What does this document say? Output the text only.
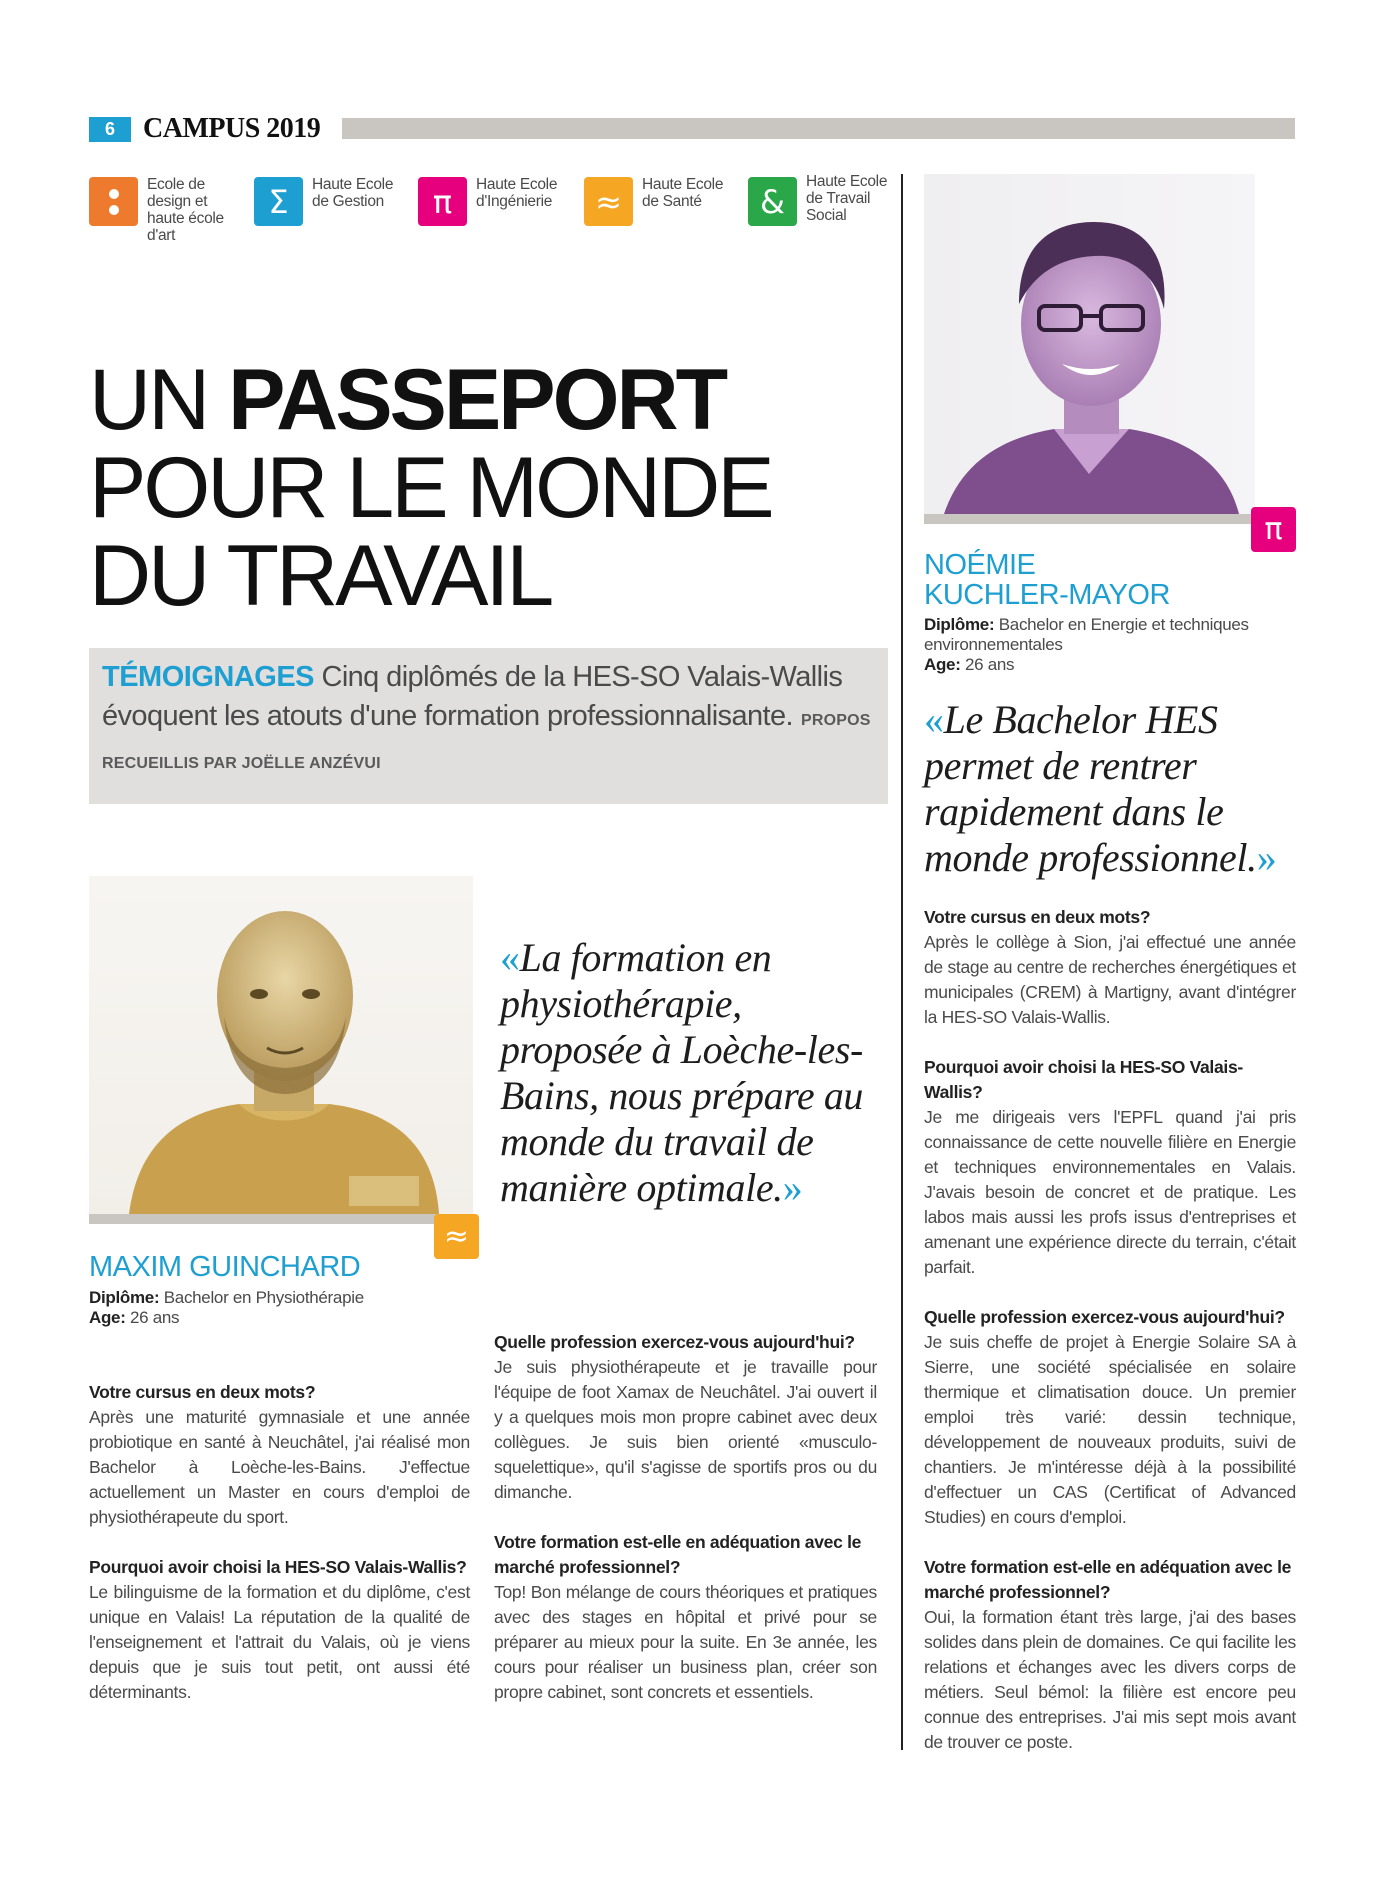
6	CAMPUS 2019
Ecole de design et haute école d'art
Σ	Haute Ecole de Gestion	π	Haute Ecole d'Ingénierie	≈	Haute Ecole de Santé	&
Haute Ecole de Travail Social
UN PASSEPORT
POUR LE MONDE
DU TRAVAIL

TÉMOIGNAGES Cinq diplômés de la HES-SO Valais-Wallis évoquent les atouts d'une formation professionnalisante. PROPOS RECUEILLIS PAR JOËLLE ANZÉVUI

≈
MAXIM GUINCHARD
Diplôme: Bachelor en Physiothérapie
Age: 26 ans
«La formation en physiothérapie, proposée à Loèche-les-Bains, nous prépare au monde du travail de manière optimale.»

Votre cursus en deux mots?

Après une maturité gymnasiale et une année probiotique en santé à Neuchâtel, j'ai réalisé mon Bachelor à Loèche-les-Bains. J'effectue actuellement un Master en cours d'emploi de physiothérapeute du sport.

Pourquoi avoir choisi la HES-SO Valais-Wallis?

Le bilinguisme de la formation et du diplôme, c'est unique en Valais! La réputation de la qualité de l'enseignement et l'attrait du Valais, où je viens depuis que je suis tout petit, ont aussi été déterminants.

Quelle profession exercez-vous aujourd'hui?

Je suis physiothérapeute et je travaille pour l'équipe de foot Xamax de Neuchâtel. J'ai ouvert il y a quelques mois mon propre cabinet avec deux collègues. Je suis bien orienté «musculo-squelettique», qu'il s'agisse de sportifs pros ou du dimanche.

Votre formation est-elle en adéquation avec le marché professionnel?

Top! Bon mélange de cours théoriques et pratiques avec des stages en hôpital et privé pour se préparer au mieux pour la suite. En 3e année, les cours pour réaliser un business plan, créer son propre cabinet, sont concrets et essentiels.

π
NOÉMIE
KUCHLER-MAYOR
Diplôme: Bachelor en Energie et techniques environnementales
Age: 26 ans
«Le Bachelor HES permet de rentrer rapidement dans le monde professionnel.»

Votre cursus en deux mots?

Après le collège à Sion, j'ai effectué une année de stage au centre de recherches énergétiques et municipales (CREM) à Martigny, avant d'intégrer la HES-SO Valais-Wallis.

Pourquoi avoir choisi la HES-SO Valais-Wallis?

Je me dirigeais vers l'EPFL quand j'ai pris connaissance de cette nouvelle filière en Energie et techniques environnementales en Valais. J'avais besoin de concret et de pratique. Les labos mais aussi les profs issus d'entreprises et amenant une expérience directe du terrain, c'était parfait.

Quelle profession exercez-vous aujourd'hui?

Je suis cheffe de projet à Energie Solaire SA à Sierre, une société spécialisée en solaire thermique et climatisation douce. Un premier emploi très varié: dessin technique, développement de nouveaux produits, suivi de chantiers. Je m'intéresse déjà à la possibilité d'effectuer un CAS (Certificat of Advanced Studies) en cours d'emploi.

Votre formation est-elle en adéquation avec le marché professionnel?

Oui, la formation étant très large, j'ai des bases solides dans plein de domaines. Ce qui facilite les relations et échanges avec les divers corps de métiers. Seul bémol: la filière est encore peu connue des entreprises. J'ai mis sept mois avant de trouver ce poste.
